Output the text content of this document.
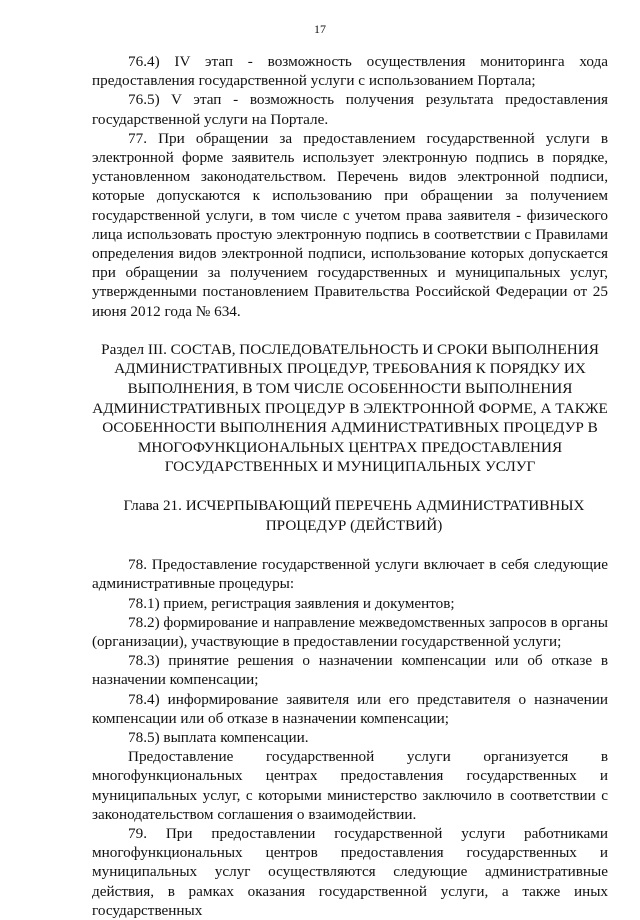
17

76.4) IV этап - возможность осуществления мониторинга хода предоставления государственной услуги с использованием Портала;

76.5) V этап - возможность получения результата предоставления государственной услуги на Портале.

77. При обращении за предоставлением государственной услуги в электронной форме заявитель использует электронную подпись в порядке, установленном законодательством. Перечень видов электронной подписи, которые допускаются к использованию при обращении за получением государственной услуги, в том числе с учетом права заявителя - физического лица использовать простую электронную подпись в соответствии с Правилами определения видов электронной подписи, использование которых допускается при обращении за получением государственных и муниципальных услуг, утвержденными постановлением Правительства Российской Федерации от 25 июня 2012 года № 634.

Раздел III. СОСТАВ, ПОСЛЕДОВАТЕЛЬНОСТЬ И СРОКИ ВЫПОЛНЕНИЯ АДМИНИСТРАТИВНЫХ ПРОЦЕДУР, ТРЕБОВАНИЯ К ПОРЯДКУ ИХ ВЫПОЛНЕНИЯ, В ТОМ ЧИСЛЕ ОСОБЕННОСТИ ВЫПОЛНЕНИЯ АДМИНИСТРАТИВНЫХ ПРОЦЕДУР В ЭЛЕКТРОННОЙ ФОРМЕ, А ТАКЖЕ ОСОБЕННОСТИ ВЫПОЛНЕНИЯ АДМИНИСТРАТИВНЫХ ПРОЦЕДУР В МНОГОФУНКЦИОНАЛЬНЫХ ЦЕНТРАХ ПРЕДОСТАВЛЕНИЯ ГОСУДАРСТВЕННЫХ И МУНИЦИПАЛЬНЫХ УСЛУГ
Глава 21. ИСЧЕРПЫВАЮЩИЙ ПЕРЕЧЕНЬ АДМИНИСТРАТИВНЫХ ПРОЦЕДУР (ДЕЙСТВИЙ)

78. Предоставление государственной услуги включает в себя следующие административные процедуры:

78.1) прием, регистрация заявления и документов;

78.2) формирование и направление межведомственных запросов в органы (организации), участвующие в предоставлении государственной услуги;

78.3) принятие решения о назначении компенсации или об отказе в назначении компенсации;

78.4) информирование заявителя или его представителя о назначении компенсации или об отказе в назначении компенсации;

78.5) выплата компенсации.

Предоставление государственной услуги организуется в многофункциональных центрах предоставления государственных и муниципальных услуг, с которыми министерство заключило в соответствии с законодательством соглашения о взаимодействии.

79. При предоставлении государственной услуги работниками многофункциональных центров предоставления государственных и муниципальных услуг осуществляются следующие административные действия, в рамках оказания государственной услуги, а также иных государственных
